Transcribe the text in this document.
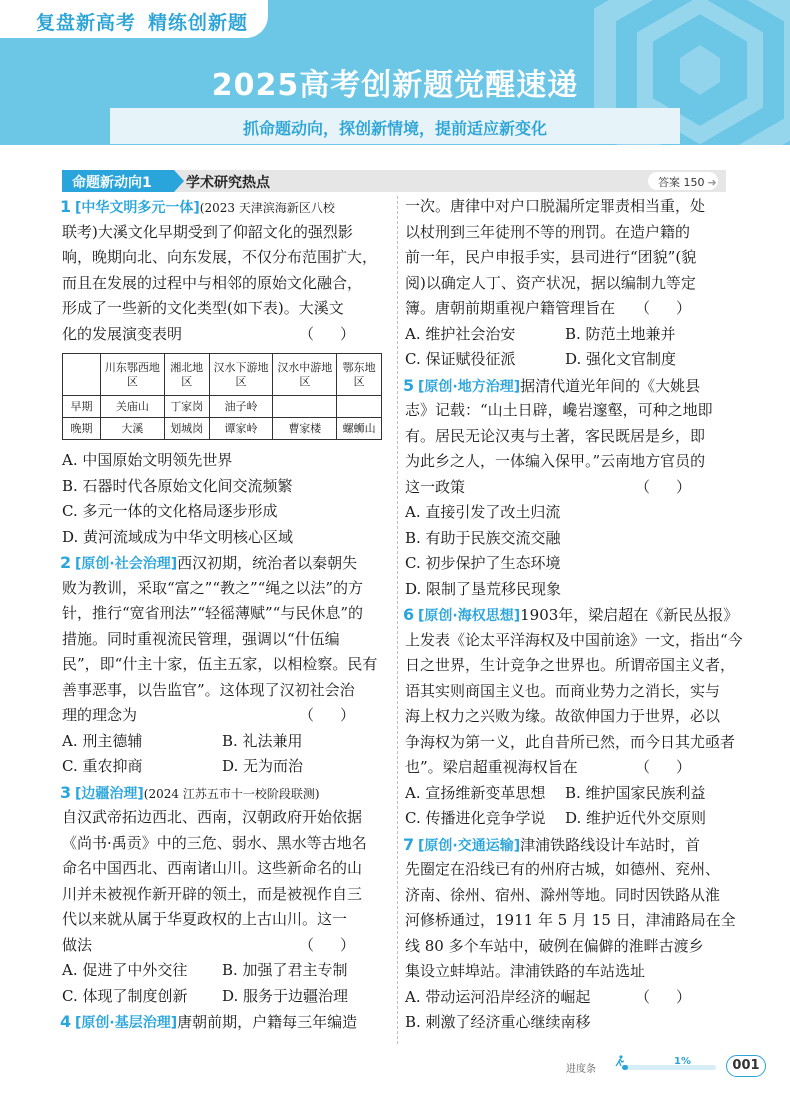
复盘新高考 精练创新题
2025高考创新题觉醒速递
抓命题动向，探创新情境，提前适应新变化
命题新动向1	学术研究热点	答案 150 ➜
1 [中华文明多元一体](2023 天津滨海新区八校
联考)大溪文化早期受到了仰韶文化的强烈影
响，晚期向北、向东发展，不仅分布范围扩大，
而且在发展的过程中与相邻的原始文化融合，
形成了一些新的文化类型(如下表)。大溪文
化的发展演变表明	（）
	川东鄂西地区	湘北地区	汉水下游地区	汉水中游地区	鄂东地区
早期	关庙山	丁家岗	油子岭		
晚期	大溪	划城岗	谭家岭	曹家楼	螺蛳山
A. 中国原始文明领先世界
B. 石器时代各原始文化间交流频繁
C. 多元一体的文化格局逐步形成
D. 黄河流域成为中华文明核心区域
2 [原创·社会治理]西汉初期，统治者以秦朝失
败为教训，采取“富之”“教之”“绳之以法”的方
针，推行“宽省刑法”“轻徭薄赋”“与民休息”的
措施。同时重视流民管理，强调以“什伍编
民”，即“什主十家，伍主五家，以相检察。民有
善事恶事，以告监官”。这体现了汉初社会治
理的理念为	（）
A. 刑主德辅	B. 礼法兼用
C. 重农抑商	D. 无为而治
3 [边疆治理](2024 江苏五市十一校阶段联测)
自汉武帝拓边西北、西南，汉朝政府开始依据
《尚书·禹贡》中的三危、弱水、黑水等古地名
命名中国西北、西南诸山川。这些新命名的山
川并未被视作新开辟的领土，而是被视作自三
代以来就从属于华夏政权的上古山川。这一
做法	（）
A. 促进了中外交往	B. 加强了君主专制
C. 体现了制度创新	D. 服务于边疆治理
4 [原创·基层治理]唐朝前期，户籍每三年编造
一次。唐律中对户口脱漏所定罪责相当重，处
以杖刑到三年徒刑不等的刑罚。在造户籍的
前一年，民户申报手实，县司进行“团貌”(貌
阅)以确定人丁、资产状况，据以编制九等定
簿。唐朝前期重视户籍管理旨在 （）
A. 维护社会治安	B. 防范土地兼并
C. 保证赋役征派	D. 强化文官制度
5 [原创·地方治理]据清代道光年间的《大姚县
志》记载：“山土日辟，巉岩邃壑，可种之地即
有。居民无论汉夷与土著，客民既居是乡，即
为此乡之人，一体编入保甲。”云南地方官员的
这一政策	（）
A. 直接引发了改土归流
B. 有助于民族交流交融
C. 初步保护了生态环境
D. 限制了垦荒移民现象
6 [原创·海权思想]1903年，梁启超在《新民丛报》
上发表《论太平洋海权及中国前途》一文，指出“今
日之世界，生计竞争之世界也。所谓帝国主义者，
语其实则商国主义也。而商业势力之消长，实与
海上权力之兴败为缘。故欲伸国力于世界，必以
争海权为第一义，此自昔所已然，而今日其尤亟者
也”。梁启超重视海权旨在	（）
A. 宣扬维新变革思想	B. 维护国家民族利益
C. 传播进化竞争学说	D. 维护近代外交原则
7 [原创·交通运输]津浦铁路线设计车站时，首
先圈定在沿线已有的州府古城，如德州、兖州、
济南、徐州、宿州、滁州等地。同时因铁路从淮
河修桥通过，1911 年 5 月 15 日，津浦路局在全
线 80 多个车站中，破例在偏僻的淮畔古渡乡
集设立蚌埠站。津浦铁路的车站选址
（）
A. 带动运河沿岸经济的崛起
B. 刺激了经济重心继续南移
进度条
1%	001
